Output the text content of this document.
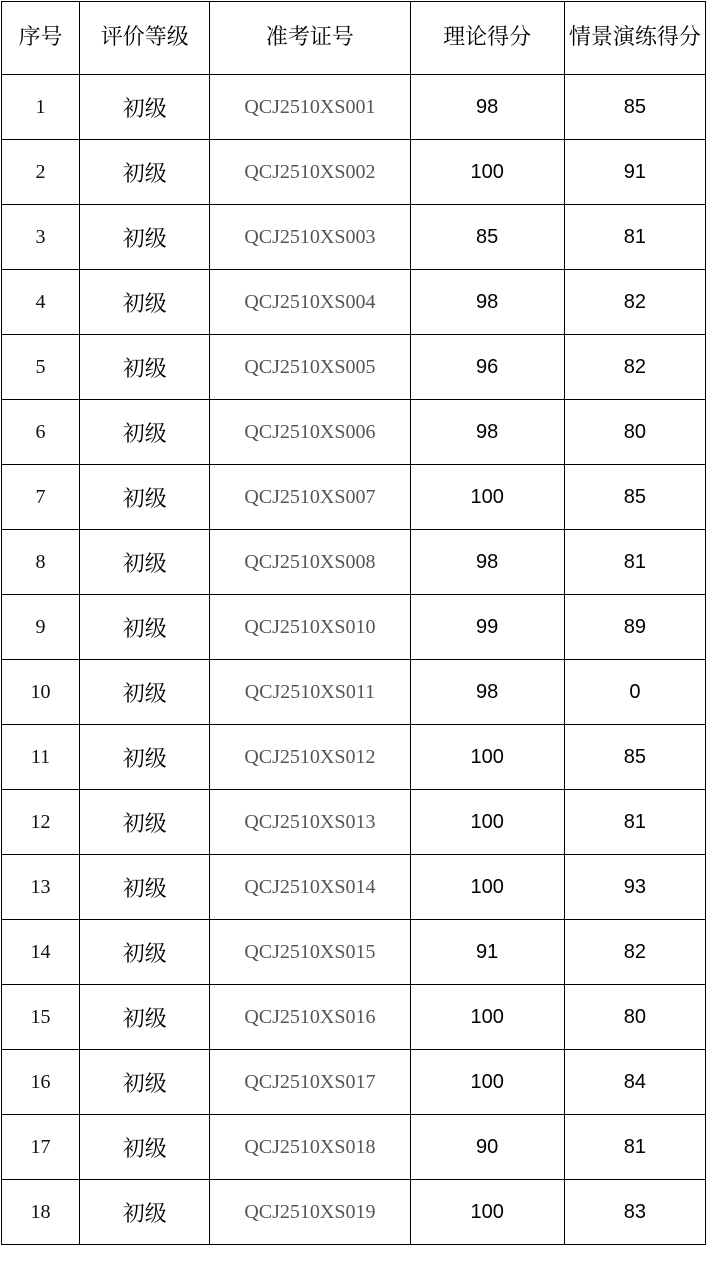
序号	评价等级	准考证号	理论得分	情景演练得分
1	初级	QCJ2510XS001	98	85
2	初级	QCJ2510XS002	100	91
3	初级	QCJ2510XS003	85	81
4	初级	QCJ2510XS004	98	82
5	初级	QCJ2510XS005	96	82
6	初级	QCJ2510XS006	98	80
7	初级	QCJ2510XS007	100	85
8	初级	QCJ2510XS008	98	81
9	初级	QCJ2510XS010	99	89
10	初级	QCJ2510XS011	98	0
11	初级	QCJ2510XS012	100	85
12	初级	QCJ2510XS013	100	81
13	初级	QCJ2510XS014	100	93
14	初级	QCJ2510XS015	91	82
15	初级	QCJ2510XS016	100	80
16	初级	QCJ2510XS017	100	84
17	初级	QCJ2510XS018	90	81
18	初级	QCJ2510XS019	100	83
